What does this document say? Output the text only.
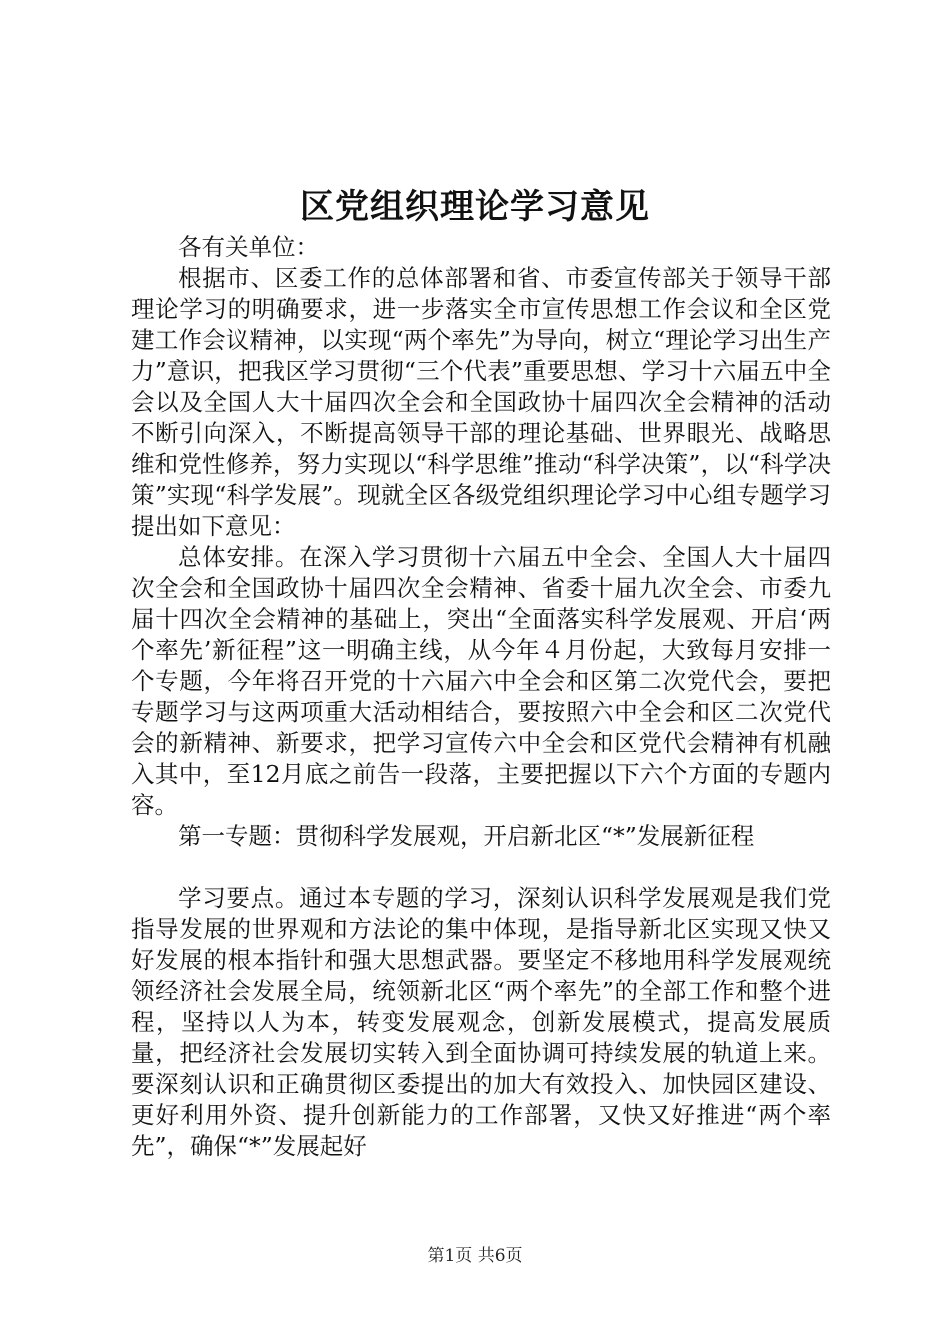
区党组织理论学习意见

各有关单位：

根据市、区委工作的总体部署和省、市委宣传部关于领导干部理论学习的明确要求，进一步落实全市宣传思想工作会议和全区党建工作会议精神，以实现“两个率先”为导向，树立“理论学习出生产力”意识，把我区学习贯彻“三个代表”重要思想、学习十六届五中全会以及全国人大十届四次全会和全国政协十届四次全会精神的活动不断引向深入，不断提高领导干部的理论基础、世界眼光、战略思维和党性修养，努力实现以“科学思维”推动“科学决策”，以“科学决策”实现“科学发展”。现就全区各级党组织理论学习中心组专题学习提出如下意见：

总体安排。在深入学习贯彻十六届五中全会、全国人大十届四次全会和全国政协十届四次全会精神、省委十届九次全会、市委九届十四次全会精神的基础上，突出“全面落实科学发展观、开启‘两个率先’新征程”这一明确主线，从今年４月份起，大致每月安排一个专题，今年将召开党的十六届六中全会和区第二次党代会，要把专题学习与这两项重大活动相结合，要按照六中全会和区二次党代会的新精神、新要求，把学习宣传六中全会和区党代会精神有机融入其中，至12月底之前告一段落，主要把握以下六个方面的专题内容。

第一专题：贯彻科学发展观，开启新北区“*”发展新征程

学习要点。通过本专题的学习，深刻认识科学发展观是我们党指导发展的世界观和方法论的集中体现，是指导新北区实现又快又好发展的根本指针和强大思想武器。要坚定不移地用科学发展观统领经济社会发展全局，统领新北区“两个率先”的全部工作和整个进程，坚持以人为本，转变发展观念，创新发展模式，提高发展质量，把经济社会发展切实转入到全面协调可持续发展的轨道上来。要深刻认识和正确贯彻区委提出的加大有效投入、加快园区建设、更好利用外资、提升创新能力的工作部署，又快又好推进“两个率先”，确保“*”发展起好

第1页 共6页
